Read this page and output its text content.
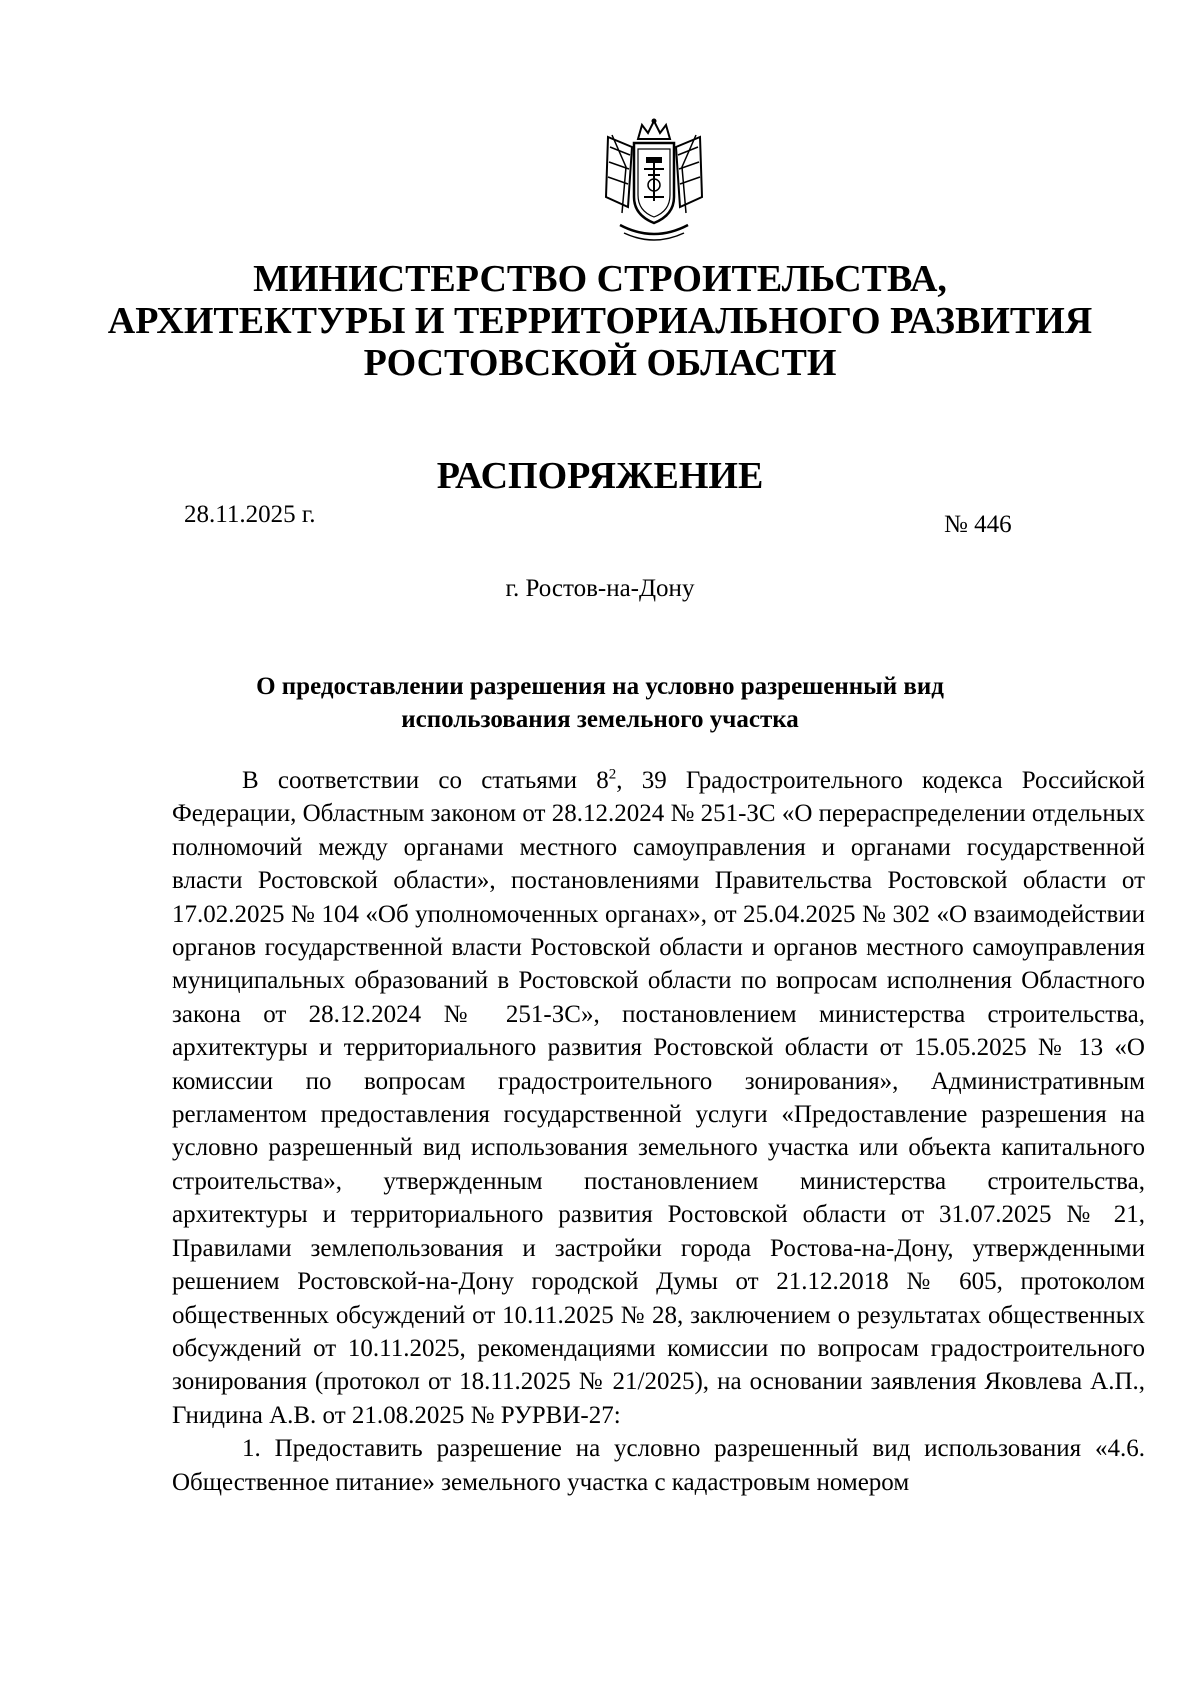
МИНИСТЕРСТВО СТРОИТЕЛЬСТВА,
АРХИТЕКТУРЫ И ТЕРРИТОРИАЛЬНОГО РАЗВИТИЯ
РОСТОВСКОЙ ОБЛАСТИ
РАСПОРЯЖЕНИЕ
28.11.2025 г.	№ 446
г. Ростов-на-Дону
О предоставлении разрешения на условно разрешенный вид
использования земельного участка

В соответствии со статьями $8^2$, 39 Градостроительного кодекса Российской Федерации, Областным законом от 28.12.2024 № 251-ЗС «О перераспределении отдельных полномочий между органами местного самоуправления и органами государственной власти Ростовской области», постановлениями Правительства Ростовской области от 17.02.2025 № 104 «Об уполномоченных органах», от 25.04.2025 № 302 «О взаимодействии органов государственной власти Ростовской области и органов местного самоуправления муниципальных образований в Ростовской области по вопросам исполнения Областного закона от 28.12.2024 № 251-ЗС», постановлением министерства строительства, архитектуры и территориального развития Ростовской области от 15.05.2025 № 13 «О комиссии по вопросам градостроительного зонирования», Административным регламентом предоставления государственной услуги «Предоставление разрешения на условно разрешенный вид использования земельного участка или объекта капитального строительства», утвержденным постановлением министерства строительства, архитектуры и территориального развития Ростовской области от 31.07.2025 № 21, Правилами землепользования и застройки города Ростова-на-Дону, утвержденными решением Ростовской-на-Дону городской Думы от 21.12.2018 № 605, протоколом общественных обсуждений от 10.11.2025 № 28, заключением о результатах общественных обсуждений от 10.11.2025, рекомендациями комиссии по вопросам градостроительного зонирования (протокол от 18.11.2025 № 21/2025), на основании заявления Яковлева А.П., Гнидина А.В. от 21.08.2025 № РУРВИ-27:

1. Предоставить разрешение на условно разрешенный вид использования «4.6. Общественное питание» земельного участка с кадастровым номером
